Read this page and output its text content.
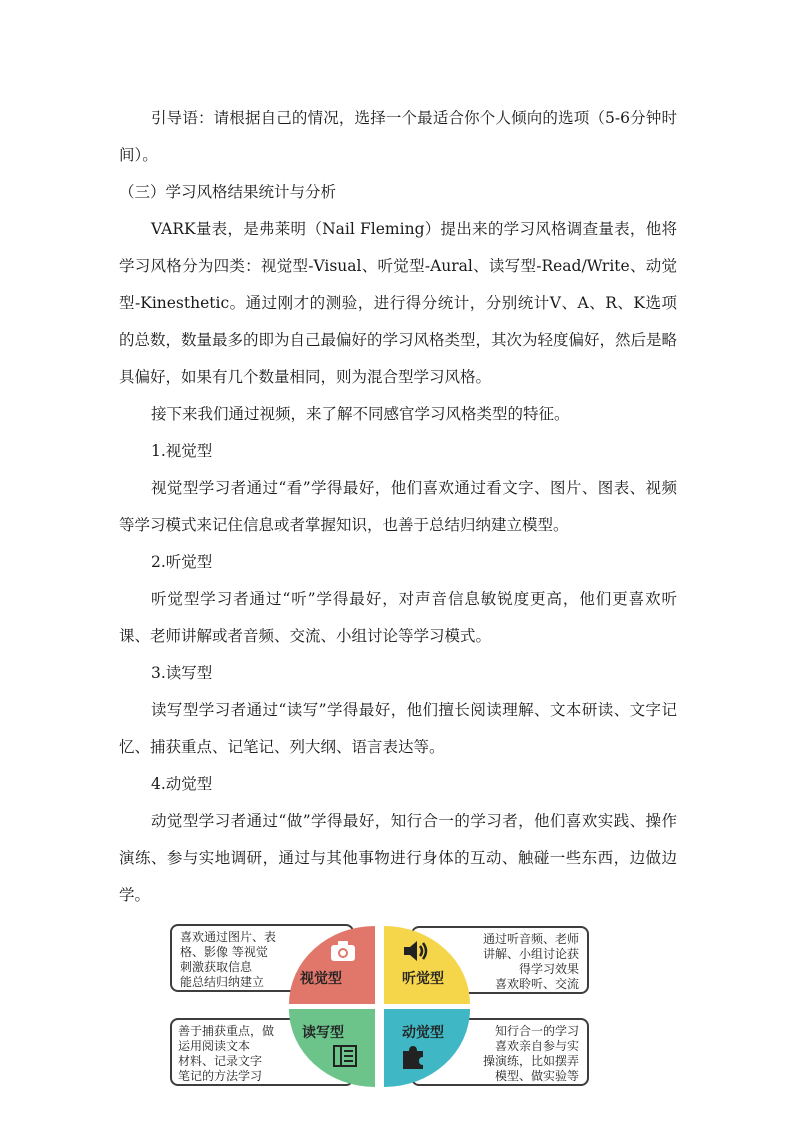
引导语：请根据自己的情况，选择一个最适合你个人倾向的选项（5-6分钟时间）。

（三）学习风格结果统计与分析

VARK量表，是弗莱明（Nail Fleming）提出来的学习风格调查量表，他将学习风格分为四类：视觉型-Visual、听觉型-Aural、读写型-Read/Write、动觉型-Kinesthetic。通过刚才的测验，进行得分统计，分别统计V、A、R、K选项的总数，数量最多的即为自己最偏好的学习风格类型，其次为轻度偏好，然后是略具偏好，如果有几个数量相同，则为混合型学习风格。

接下来我们通过视频，来了解不同感官学习风格类型的特征。

1.视觉型

视觉型学习者通过“看”学得最好，他们喜欢通过看文字、图片、图表、视频等学习模式来记住信息或者掌握知识，也善于总结归纳建立模型。

2.听觉型

听觉型学习者通过“听”学得最好，对声音信息敏锐度更高，他们更喜欢听课、老师讲解或者音频、交流、小组讨论等学习模式。

3.读写型

读写型学习者通过“读写”学得最好，他们擅长阅读理解、文本研读、文字记忆、捕获重点、记笔记、列大纲、语言表达等。

4.动觉型

动觉型学习者通过“做”学得最好，知行合一的学习者，他们喜欢实践、操作演练、参与实地调研，通过与其他事物进行身体的互动、触碰一些东西，边做边学。

喜欢通过图片、表
格、影像 等视觉
刺激获取信息
能总结归纳建立
通过听音频、老师
讲解、小组讨论获
得学习效果
喜欢聆听、交流
善于捕获重点，做
运用阅读文本
材料、记录文字
笔记的方法学习
知行合一的学习
喜欢亲自参与实
操演练，比如摆弄
模型、做实验等
视觉型	听觉型
读写型	动觉型
